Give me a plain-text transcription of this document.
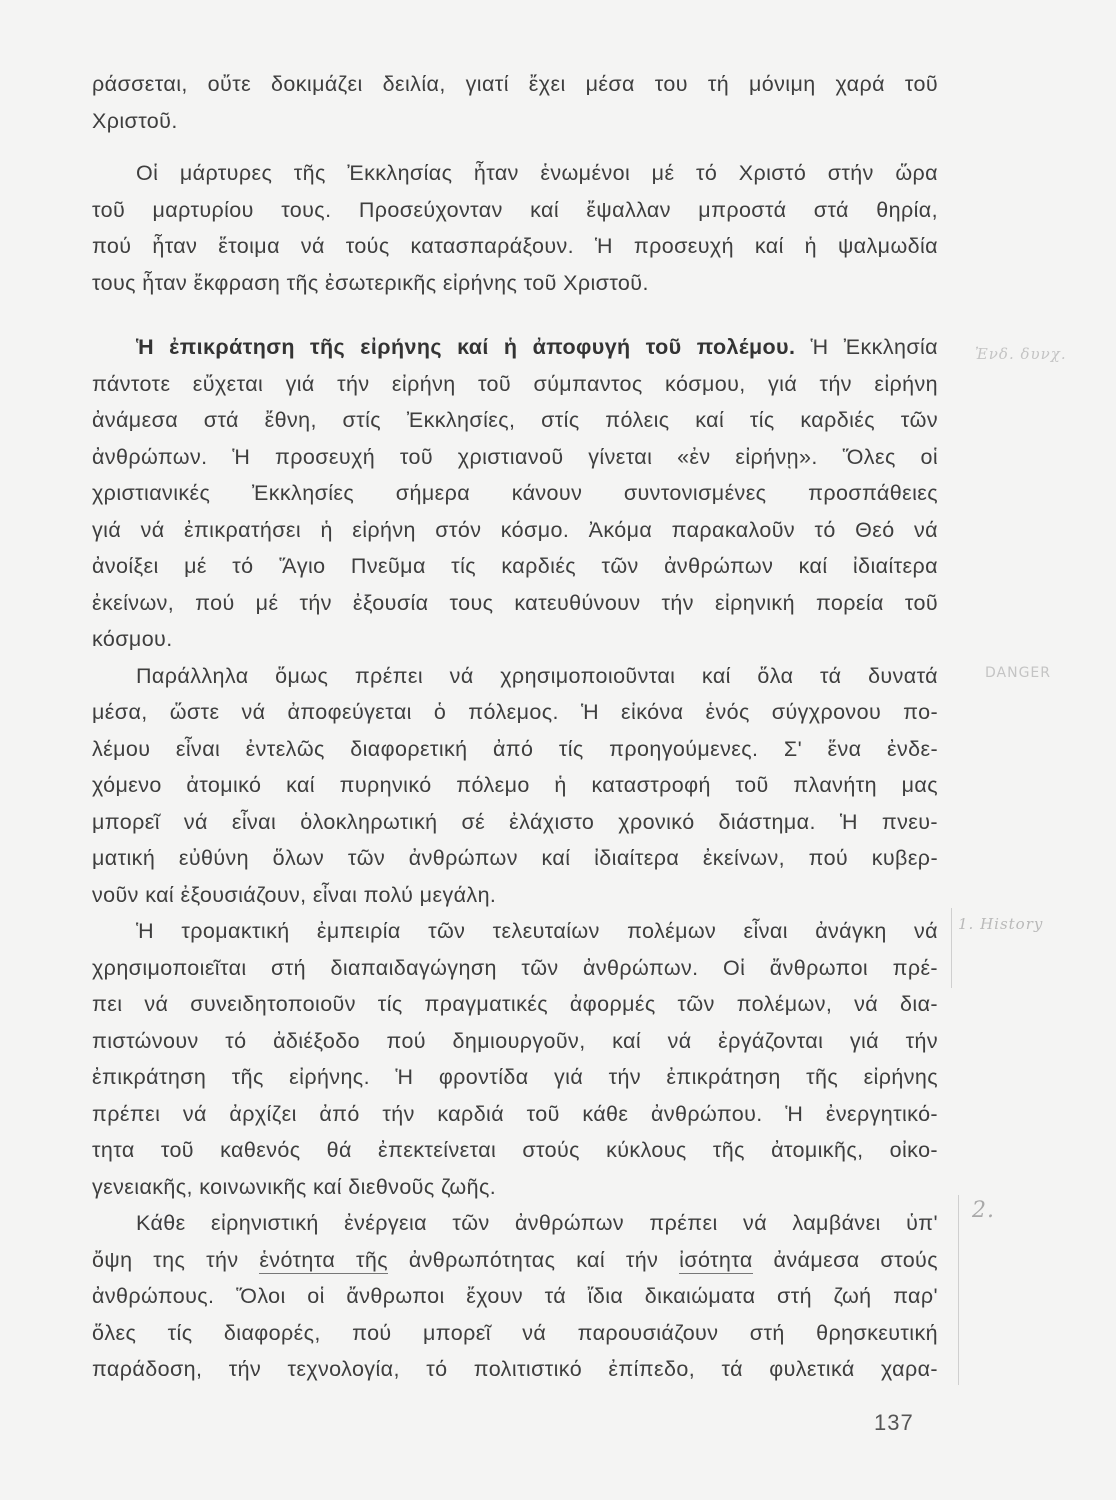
ράσσεται, οὔτε δοκιμάζει δειλία, γιατί ἔχει μέσα του τή μόνιμη χαρά τοῦ
Χριστοῦ.
Οἱ μάρτυρες τῆς Ἐκκλησίας ἦταν ἑνωμένοι μέ τό Χριστό στήν ὥρα
τοῦ μαρτυρίου τους. Προσεύχονταν καί ἔψαλλαν μπροστά στά θηρία,
πού ἦταν ἕτοιμα νά τούς κατασπαράξουν. Ἡ προσευχή καί ἡ ψαλμωδία
τους ἦταν ἔκφραση τῆς ἐσωτερικῆς εἰρήνης τοῦ Χριστοῦ.
Ἡ ἐπικράτηση τῆς εἰρήνης καί ἡ ἀποφυγή τοῦ πολέμου. Ἡ Ἐκκλησία
πάντοτε εὔχεται γιά τήν εἰρήνη τοῦ σύμπαντος κόσμου, γιά τήν εἰρήνη
ἀνάμεσα στά ἔθνη, στίς Ἐκκλησίες, στίς πόλεις καί τίς καρδιές τῶν
ἀνθρώπων. Ἡ προσευχή τοῦ χριστιανοῦ γίνεται «ἐν εἰρήνῃ». Ὅλες οἱ
χριστιανικές Ἐκκλησίες σήμερα κάνουν συντονισμένες προσπάθειες
γιά νά ἐπικρατήσει ἡ εἰρήνη στόν κόσμο. Ἀκόμα παρακαλοῦν τό Θεό νά
ἀνοίξει μέ τό Ἅγιο Πνεῦμα τίς καρδιές τῶν ἀνθρώπων καί ἰδιαίτερα
ἐκείνων, πού μέ τήν ἐξουσία τους κατευθύνουν τήν εἰρηνική πορεία τοῦ
κόσμου.
Παράλληλα ὅμως πρέπει νά χρησιμοποιοῦνται καί ὅλα τά δυνατά
μέσα, ὥστε νά ἀποφεύγεται ὁ πόλεμος. Ἡ εἰκόνα ἑνός σύγχρονου πο-
λέμου εἶναι ἐντελῶς διαφορετική ἀπό τίς προηγούμενες. Σ' ἕνα ἐνδε-
χόμενο ἀτομικό καί πυρηνικό πόλεμο ἡ καταστροφή τοῦ πλανήτη μας
μπορεῖ νά εἶναι ὁλοκληρωτική σέ ἐλάχιστο χρονικό διάστημα. Ἡ πνευ-
ματική εὐθύνη ὅλων τῶν ἀνθρώπων καί ἰδιαίτερα ἐκείνων, πού κυβερ-
νοῦν καί ἐξουσιάζουν, εἶναι πολύ μεγάλη.
Ἡ τρομακτική ἐμπειρία τῶν τελευταίων πολέμων εἶναι ἀνάγκη νά
χρησιμοποιεῖται στή διαπαιδαγώγηση τῶν ἀνθρώπων. Οἱ ἄνθρωποι πρέ-
πει νά συνειδητοποιοῦν τίς πραγματικές ἀφορμές τῶν πολέμων, νά δια-
πιστώνουν τό ἀδιέξοδο πού δημιουργοῦν, καί νά ἐργάζονται γιά τήν
ἐπικράτηση τῆς εἰρήνης. Ἡ φροντίδα γιά τήν ἐπικράτηση τῆς εἰρήνης
πρέπει νά ἀρχίζει ἀπό τήν καρδιά τοῦ κάθε ἀνθρώπου. Ἡ ἐνεργητικό-
τητα τοῦ καθενός θά ἐπεκτείνεται στούς κύκλους τῆς ἀτομικῆς, οἰκο-
γενειακῆς, κοινωνικῆς καί διεθνοῦς ζωῆς.
Κάθε εἰρηνιστική ἐνέργεια τῶν ἀνθρώπων πρέπει νά λαμβάνει ὑπ'
ὄψη της τήν ἑνότητα τῆς ἀνθρωπότητας καί τήν ἰσότητα ἀνάμεσα στούς
ἀνθρώπους. Ὅλοι οἱ ἄνθρωποι ἔχουν τά ἴδια δικαιώματα στή ζωή παρ'
ὅλες τίς διαφορές, πού μπορεῖ νά παρουσιάζουν στή θρησκευτική
παράδοση, τήν τεχνολογία, τό πολιτιστικό ἐπίπεδο, τά φυλετικά χαρα-
Ἐνδ. δυνχ.
DANGER
1. History
2.
137
